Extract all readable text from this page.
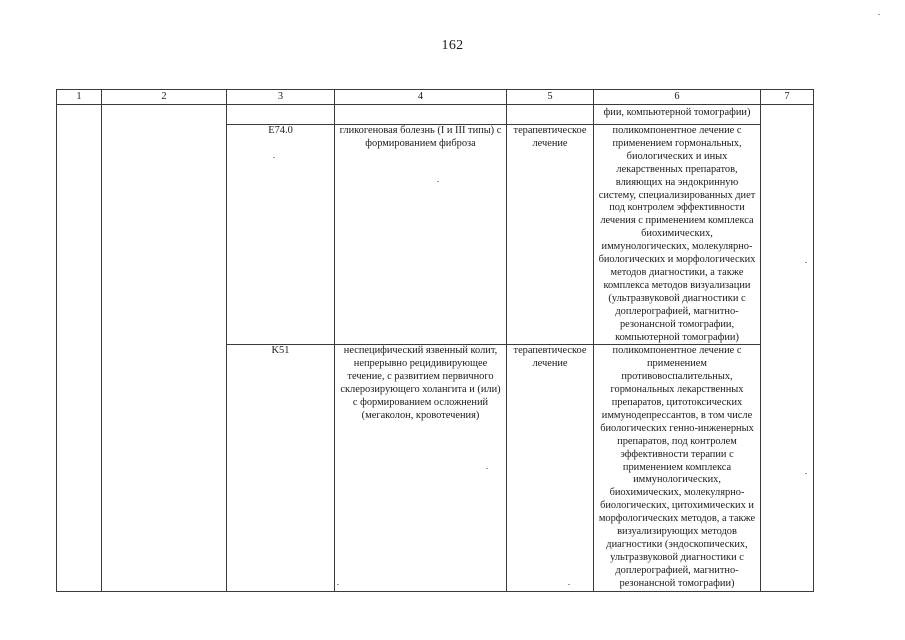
162
1	2	3	4	5	6	7
					фии, компьютерной томографии)	
		E74.0	гликогеновая болезнь (I и III типы) с формированием фиброза	терапевтическое лечение	поликомпонентное лечение с применением гормональных, биологических и иных лекарственных препаратов, влияющих на эндокринную систему, специализированных диет под контролем эффективности лечения с применением комплекса биохимических, иммунологических, молекулярно-биологических и морфологических методов диагностики, а также комплекса методов визуализации (ультразвуковой диагностики с доплерографией, магнитно-резонансной томографии, компьютерной томографии)	
		K51	неспецифический язвенный колит, непрерывно рецидивирующее течение, с развитием первичного склерозирующего холангита и (или) с формированием осложнений (мегаколон, кровотечения)	терапевтическое лечение	поликомпонентное лечение с применением противовоспалительных, гормональных лекарственных препаратов, цитотоксических иммунодепрессантов, в том числе биологических генно-инженерных препаратов, под контролем эффективности терапии с применением комплекса иммунологических, биохимических, молекулярно-биологических, цитохимических и морфологических методов, а также визуализирующих методов диагностики (эндоскопических, ультразвуковой диагностики с доплерографией, магнитно-резонансной томографии)	
